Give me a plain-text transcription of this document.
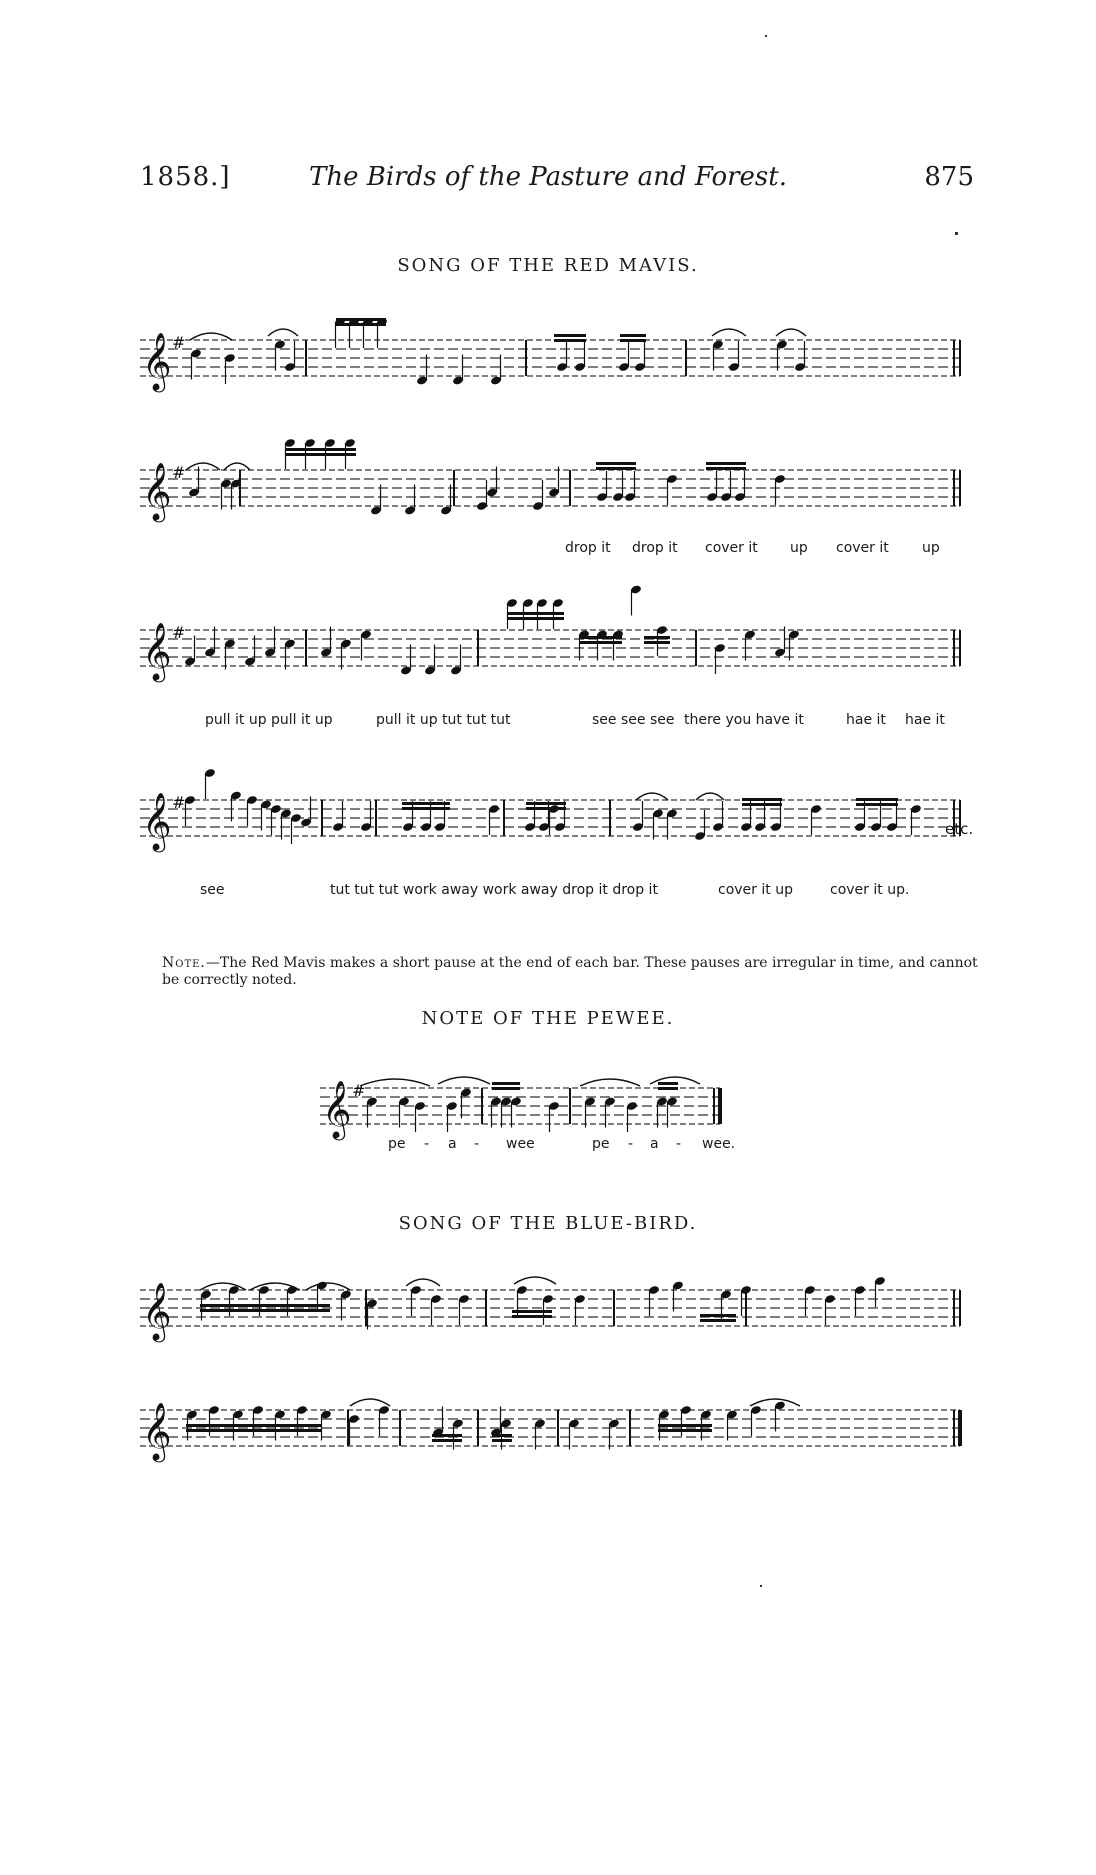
1858.]	The Birds of the Pasture and Forest.	875
SONG OF THE RED MAVIS.
𝄞 #
𝄞 #
drop it drop it cover it up cover it up
𝄞 #
pull it up pull it up	pull it up tut tut tut	see see see there you have it	hae it hae it
𝄞 #
etc.
see	tut tut tut work away work away drop it drop it	cover it up	cover it up.
Note.—The Red Mavis makes a short pause at the end of each bar. These pauses are irregular in time, and cannot be correctly noted.
NOTE OF THE PEWEE.
𝄞 #
pe - a - wee	pe - a - wee.
SONG OF THE BLUE-BIRD.
𝄞
𝄞
